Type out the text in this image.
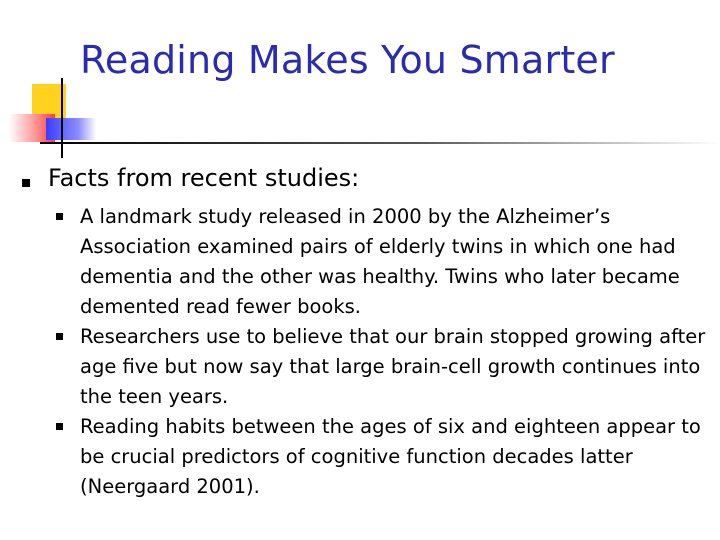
Reading Makes You Smarter
Facts from recent studies:
A landmark study released in 2000 by the Alzheimer’s Association examined pairs of elderly twins in which one had dementia and the other was healthy. Twins who later became demented read fewer books.
Researchers use to believe that our brain stopped growing after age five but now say that large brain-cell growth continues into the teen years.
Reading habits between the ages of six and eighteen appear to be crucial predictors of cognitive function decades latter (Neergaard 2001).
